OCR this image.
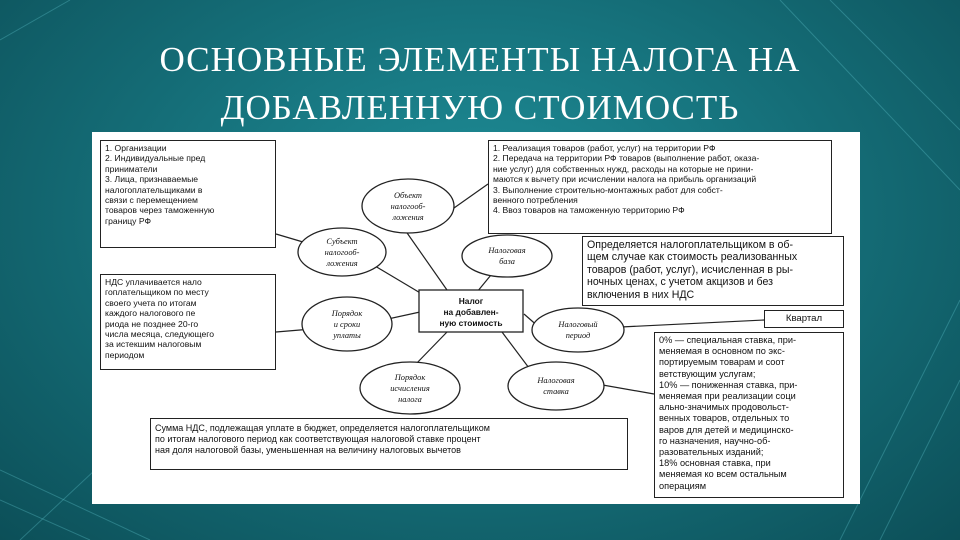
ОСНОВНЫЕ ЭЛЕМЕНТЫ НАЛОГА НА
ДОБАВЛЕННУЮ СТОИМОСТЬ
Объект
налогооб-
ложения
Субъект
налогооб-
ложения
Налоговая
база
Порядок
и сроки
уплаты
Налоговый
период
Порядок
исчисления
налога
Налоговая
ставка
Налог
на добавлен-
ную стоимость
1. Организации
2. Индивидуальные пред
приниматели
3. Лица, признаваемые
налогоплательщиками в
связи с перемещением
товаров через таможенную
границу РФ
1. Реализация товаров (работ, услуг) на территории РФ
2. Передача на территории РФ товаров (выполнение работ, оказа-
ние услуг) для собственных нужд, расходы на которые не прини-
маются к вычету при исчислении налога на прибыль организаций
3. Выполнение строительно-монтажных работ для собст-
венного потребления
4. Ввоз товаров на таможенную территорию РФ
Определяется налогоплательщиком в об-
щем случае как стоимость реализованных
товаров (работ, услуг), исчисленная в ры-
ночных ценах, с учетом акцизов и без
включения в них НДС
НДС уплачивается нало
гоплательщиком по месту
своего учета по итогам
каждого налогового пе
риода не позднее 20-го
числа месяца, следующего
за истекшим налоговым
периодом
Квартал
0% — специальная ставка, при-
меняемая в основном по экс-
портируемым товарам и соот
ветствующим услугам;
10% — пониженная ставка, при-
меняемая при реализации соци
ально-значимых продовольст-
венных товаров, отдельных то
варов для детей и медицинско-
го назначения, научно-об-
разовательных изданий;
18% основная ставка, при
меняемая ко всем остальным
операциям
Сумма НДС, подлежащая уплате в бюджет, определяется налогоплательщиком
по итогам налогового период как соответствующая налоговой ставке процент
ная доля налоговой базы, уменьшенная на величину налоговых вычетов
